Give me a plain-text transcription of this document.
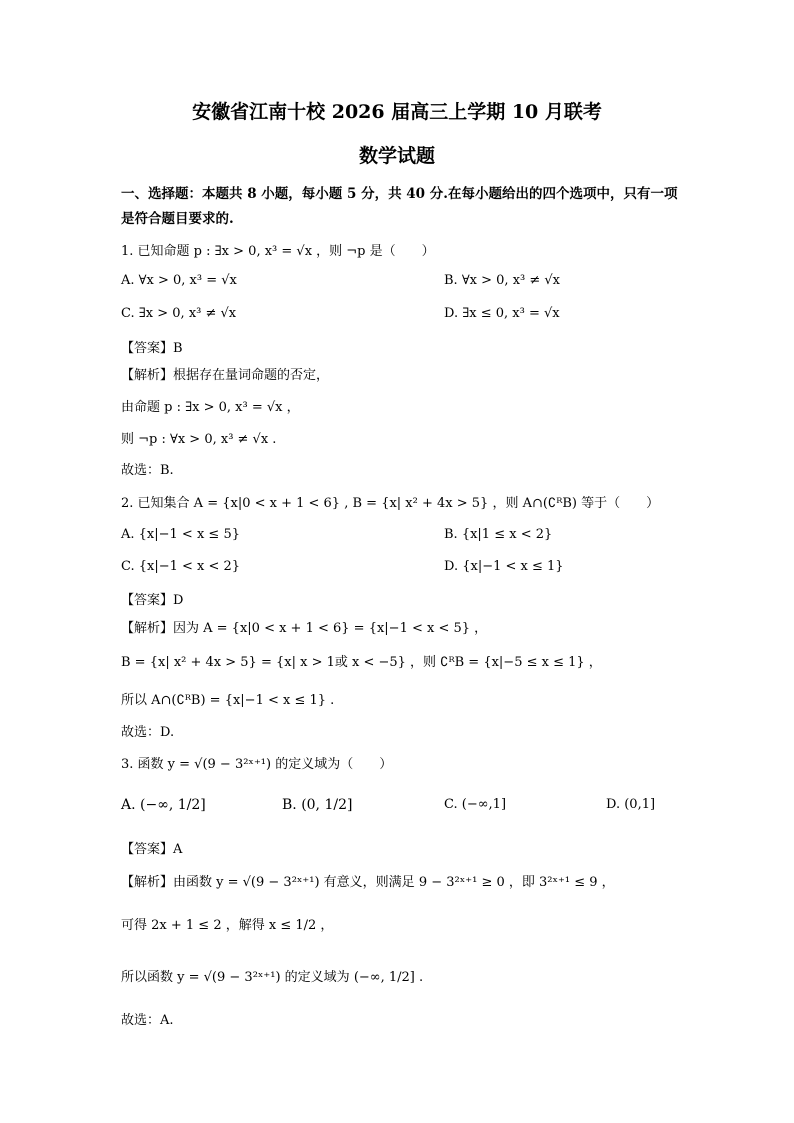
安徽省江南十校 2026 届高三上学期 10 月联考
数学试题
一、选择题：本题共 8 小题，每小题 5 分，共 40 分.在每小题给出的四个选项中，只有一项
是符合题目要求的.
1. 已知命题 p : ∃x > 0, x³ = √x ，则 ¬p 是（　　）
A. ∀x > 0, x³ = √x	B. ∀x > 0, x³ ≠ √x
C. ∃x > 0, x³ ≠ √x	D. ∃x ≤ 0, x³ = √x
【答案】B
【解析】根据存在量词命题的否定，
由命题 p : ∃x > 0, x³ = √x ，
则 ¬p : ∀x > 0, x³ ≠ √x .
故选：B.
2. 已知集合 A = {x|0 < x + 1 < 6} , B = {x| x² + 4x > 5} ，则 A∩(∁ᴿB) 等于（　　）
A. {x|−1 < x ≤ 5}	B. {x|1 ≤ x < 2}
C. {x|−1 < x < 2}	D. {x|−1 < x ≤ 1}
【答案】D
【解析】因为 A = {x|0 < x + 1 < 6} = {x|−1 < x < 5} ，
B = {x| x² + 4x > 5} = {x| x > 1或 x < −5} ，则 ∁ᴿB = {x|−5 ≤ x ≤ 1} ，
所以 A∩(∁ᴿB) = {x|−1 < x ≤ 1} .
故选：D.
3. 函数 y = √(9 − 3²ˣ⁺¹) 的定义域为（　　）
A. (−∞, 1/2]	B. (0, 1/2]	C. (−∞,1]	D. (0,1]
【答案】A
【解析】由函数 y = √(9 − 3²ˣ⁺¹) 有意义，则满足 9 − 3²ˣ⁺¹ ≥ 0 ，即 3²ˣ⁺¹ ≤ 9 ，
可得 2x + 1 ≤ 2 ，解得 x ≤ 1/2 ，
所以函数 y = √(9 − 3²ˣ⁺¹) 的定义域为 (−∞, 1/2] .
故选：A.
